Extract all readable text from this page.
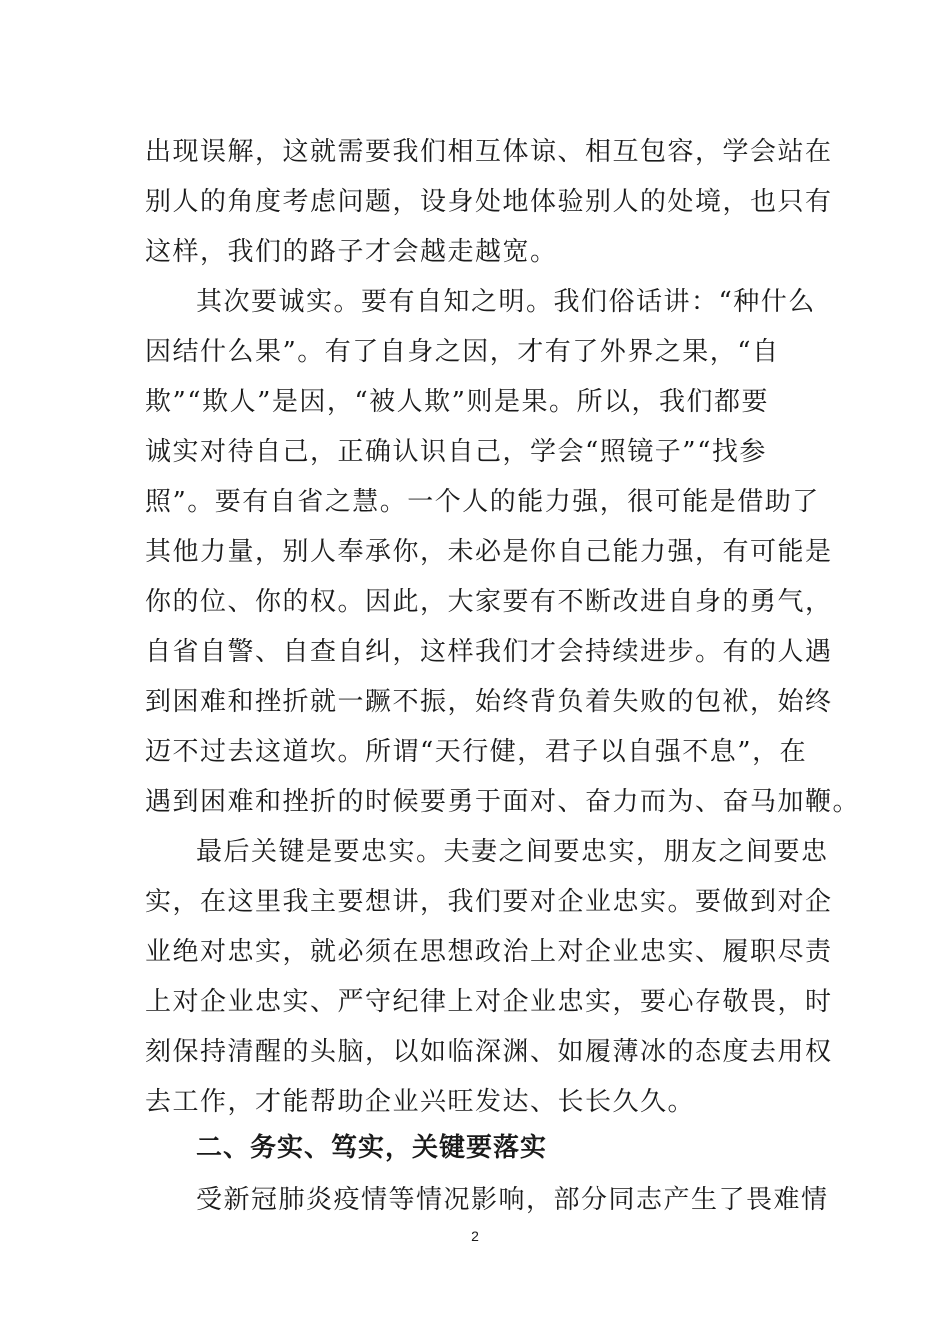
出现误解，这就需要我们相互体谅、相互包容，学会站在
别人的角度考虑问题，设身处地体验别人的处境，也只有
这样，我们的路子才会越走越宽。
其次要诚实。要有自知之明。我们俗话讲：“种什么
因结什么果”。有了自身之因，才有了外界之果，“自
欺”“欺人”是因，“被人欺”则是果。所以，我们都要
诚实对待自己，正确认识自己，学会“照镜子”“找参
照”。要有自省之慧。一个人的能力强，很可能是借助了
其他力量，别人奉承你，未必是你自己能力强，有可能是
你的位、你的权。因此，大家要有不断改进自身的勇气，
自省自警、自查自纠，这样我们才会持续进步。有的人遇
到困难和挫折就一蹶不振，始终背负着失败的包袱，始终
迈不过去这道坎。所谓“天行健，君子以自强不息”，在
遇到困难和挫折的时候要勇于面对、奋力而为、奋马加鞭。
最后关键是要忠实。夫妻之间要忠实，朋友之间要忠
实，在这里我主要想讲，我们要对企业忠实。要做到对企
业绝对忠实，就必须在思想政治上对企业忠实、履职尽责
上对企业忠实、严守纪律上对企业忠实，要心存敬畏，时
刻保持清醒的头脑，以如临深渊、如履薄冰的态度去用权
去工作，才能帮助企业兴旺发达、长长久久。
二、务实、笃实，关键要落实
受新冠肺炎疫情等情况影响，部分同志产生了畏难情
2
